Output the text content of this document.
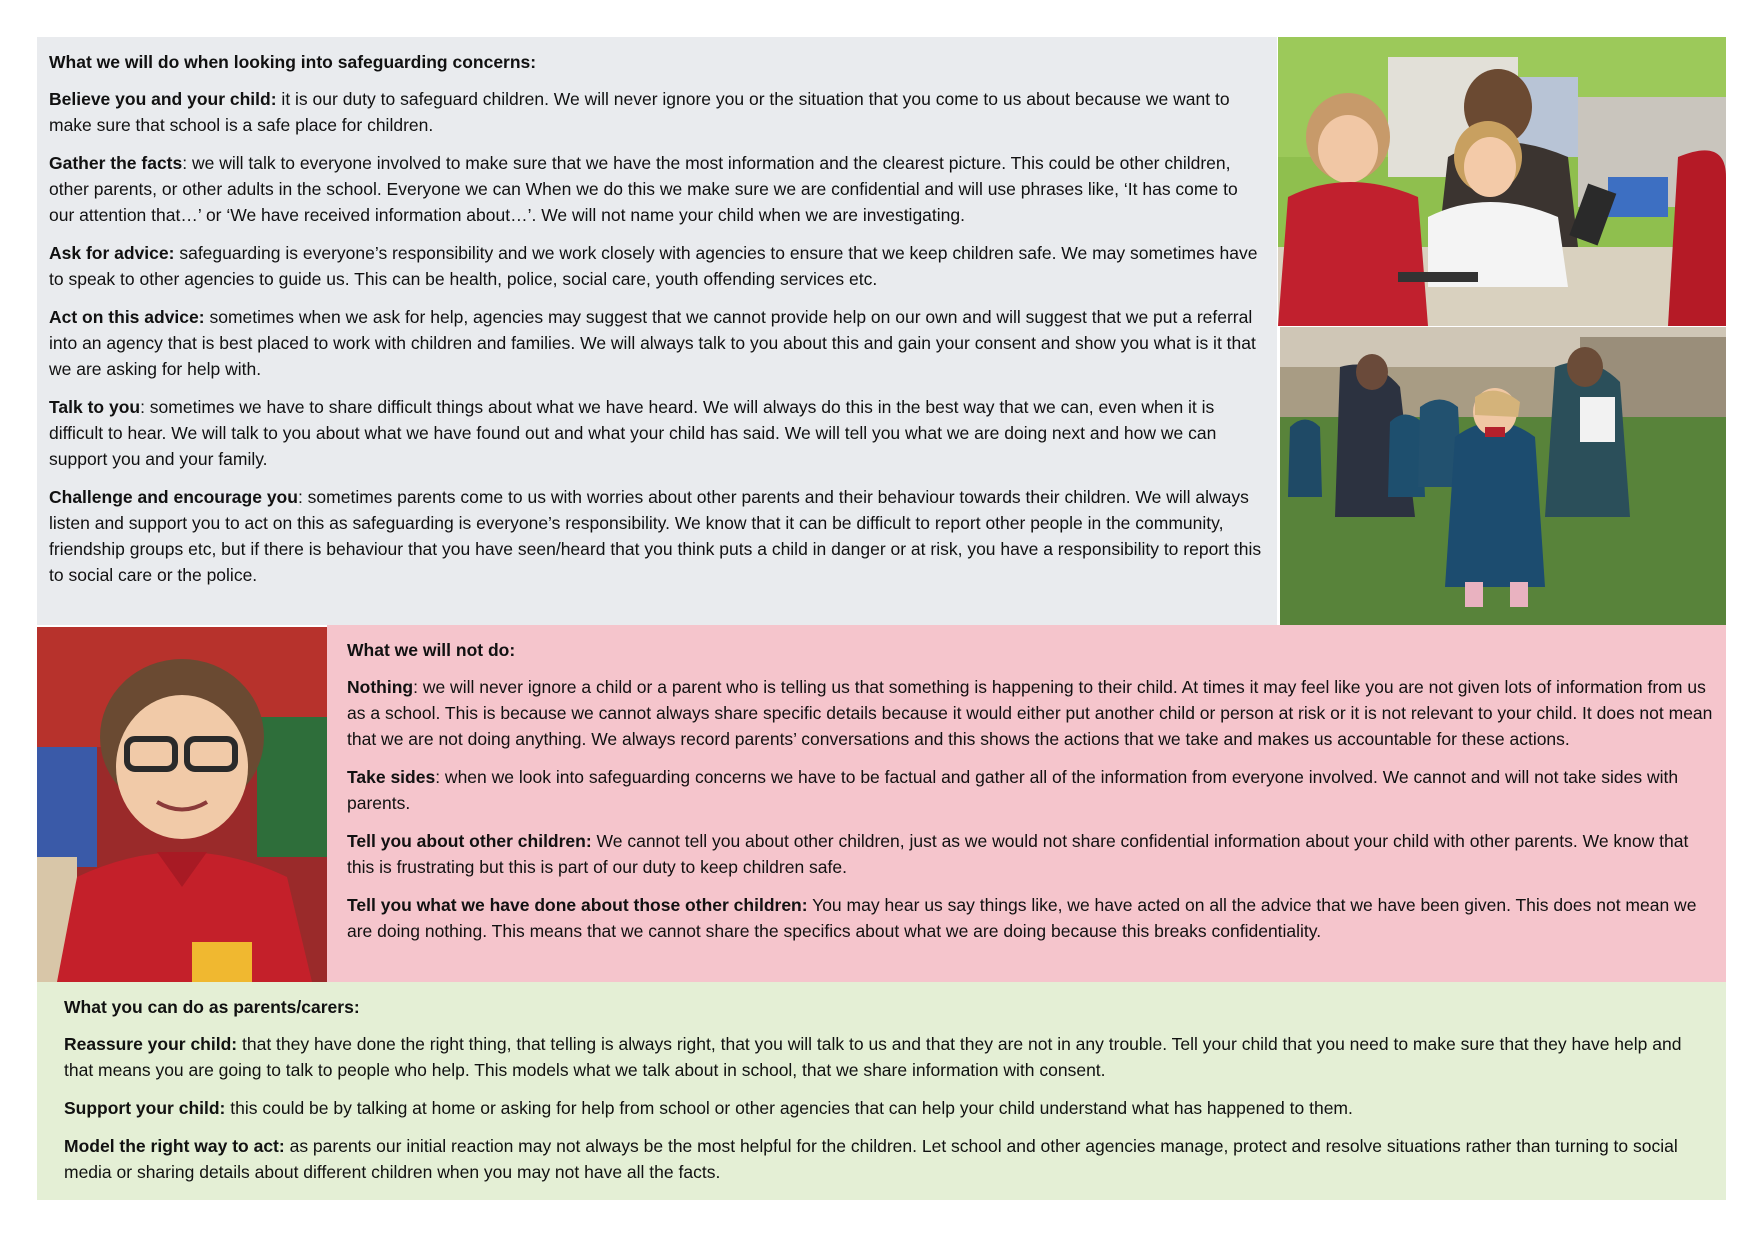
What we will do when looking into safeguarding concerns:

Believe you and your child: it is our duty to safeguard children. We will never ignore you or the situation that you come to us about because we want to make sure that school is a safe place for children.

Gather the facts: we will talk to everyone involved to make sure that we have the most information and the clearest picture. This could be other children, other parents, or other adults in the school. Everyone we can When we do this we make sure we are confidential and will use phrases like, ‘It has come to our attention that…’ or ‘We have received information about…’. We will not name your child when we are investigating.

Ask for advice: safeguarding is everyone’s responsibility and we work closely with agencies to ensure that we keep children safe. We may sometimes have to speak to other agencies to guide us. This can be health, police, social care, youth offending services etc.

Act on this advice: sometimes when we ask for help, agencies may suggest that we cannot provide help on our own and will suggest that we put a referral into an agency that is best placed to work with children and families. We will always talk to you about this and gain your consent and show you what is it that we are asking for help with.

Talk to you: sometimes we have to share difficult things about what we have heard. We will always do this in the best way that we can, even when it is difficult to hear. We will talk to you about what we have found out and what your child has said. We will tell you what we are doing next and how we can support you and your family.

Challenge and encourage you: sometimes parents come to us with worries about other parents and their behaviour towards their children. We will always listen and support you to act on this as safeguarding is everyone’s responsibility. We know that it can be difficult to report other people in the community, friendship groups etc, but if there is behaviour that you have seen/heard that you think puts a child in danger or at risk, you have a responsibility to report this to social care or the police.

What we will not do:

Nothing: we will never ignore a child or a parent who is telling us that something is happening to their child. At times it may feel like you are not given lots of information from us as a school. This is because we cannot always share specific details because it would either put another child or person at risk or it is not relevant to your child. It does not mean that we are not doing anything. We always record parents’ conversations and this shows the actions that we take and makes us accountable for these actions.

Take sides: when we look into safeguarding concerns we have to be factual and gather all of the information from everyone involved. We cannot and will not take sides with parents.

Tell you about other children: We cannot tell you about other children, just as we would not share confidential information about your child with other parents. We know that this is frustrating but this is part of our duty to keep children safe.

Tell you what we have done about those other children: You may hear us say things like, we have acted on all the advice that we have been given. This does not mean we are doing nothing. This means that we cannot share the specifics about what we are doing because this breaks confidentiality.

What you can do as parents/carers:

Reassure your child: that they have done the right thing, that telling is always right, that you will talk to us and that they are not in any trouble. Tell your child that you need to make sure that they have help and that means you are going to talk to people who help. This models what we talk about in school, that we share information with consent.

Support your child: this could be by talking at home or asking for help from school or other agencies that can help your child understand what has happened to them.

Model the right way to act: as parents our initial reaction may not always be the most helpful for the children. Let school and other agencies manage, protect and resolve situations rather than turning to social media or sharing details about different children when you may not have all the facts.
